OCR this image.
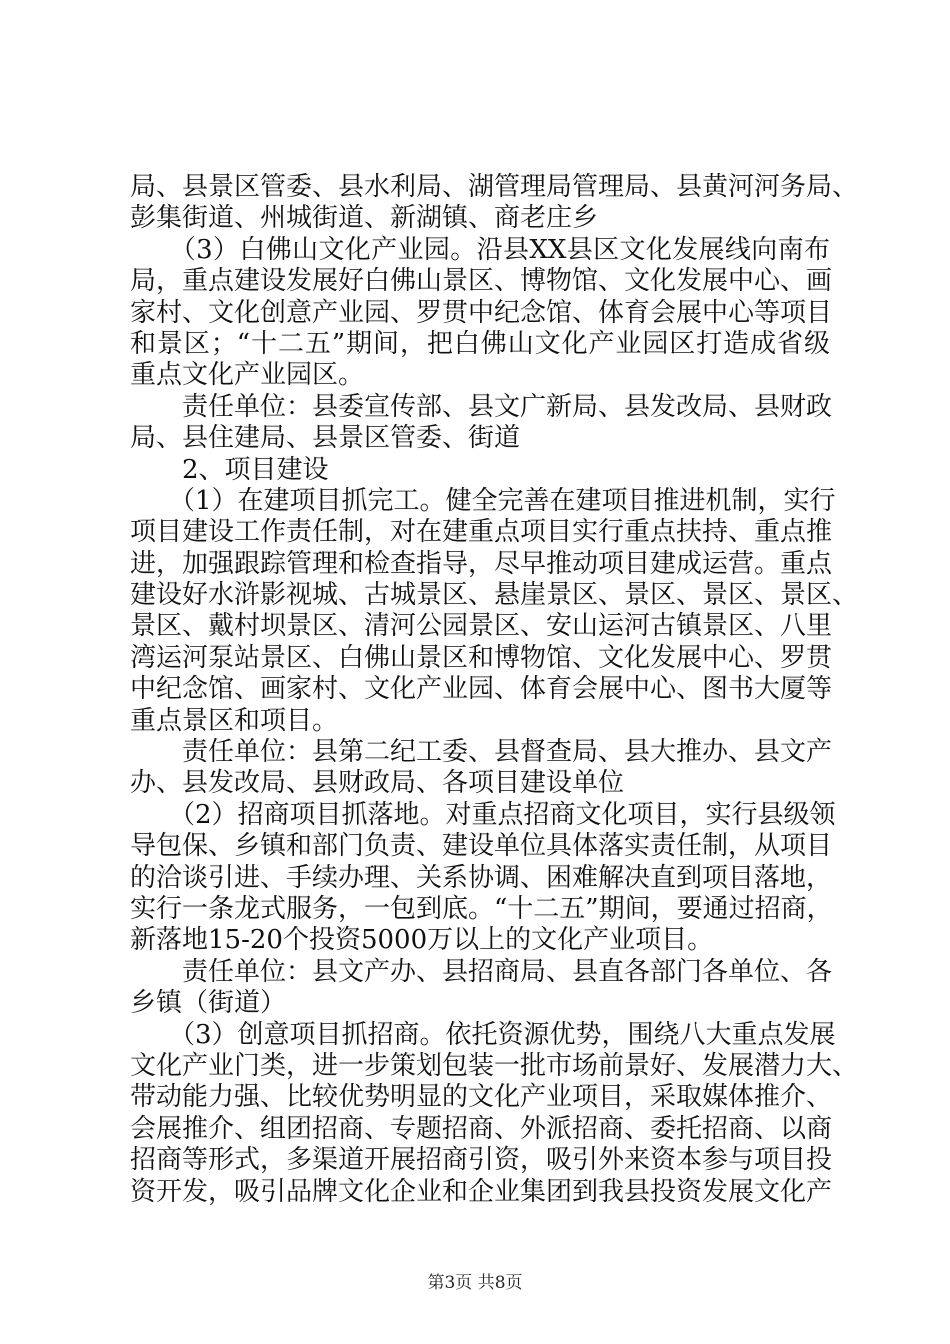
局、县景区管委、县水利局、湖管理局管理局、县黄河河务局、
彭集街道、州城街道、新湖镇、商老庄乡
　　（3）白佛山文化产业园。沿县XX县区文化发展线向南布
局，重点建设发展好白佛山景区、博物馆、文化发展中心、画
家村、文化创意产业园、罗贯中纪念馆、体育会展中心等项目
和景区；“十二五”期间，把白佛山文化产业园区打造成省级
重点文化产业园区。
　　责任单位：县委宣传部、县文广新局、县发改局、县财政
局、县住建局、县景区管委、街道
　　2、项目建设
　　（1）在建项目抓完工。健全完善在建项目推进机制，实行
项目建设工作责任制，对在建重点项目实行重点扶持、重点推
进，加强跟踪管理和检查指导，尽早推动项目建成运营。重点
建设好水浒影视城、古城景区、悬崖景区、景区、景区、景区、
景区、戴村坝景区、清河公园景区、安山运河古镇景区、八里
湾运河泵站景区、白佛山景区和博物馆、文化发展中心、罗贯
中纪念馆、画家村、文化产业园、体育会展中心、图书大厦等
重点景区和项目。
　　责任单位：县第二纪工委、县督查局、县大推办、县文产
办、县发改局、县财政局、各项目建设单位
　　（2）招商项目抓落地。对重点招商文化项目，实行县级领
导包保、乡镇和部门负责、建设单位具体落实责任制，从项目
的洽谈引进、手续办理、关系协调、困难解决直到项目落地，
实行一条龙式服务，一包到底。“十二五”期间，要通过招商，
新落地15-20个投资5000万以上的文化产业项目。
　　责任单位：县文产办、县招商局、县直各部门各单位、各
乡镇（街道）
　　（3）创意项目抓招商。依托资源优势，围绕八大重点发展
文化产业门类，进一步策划包装一批市场前景好、发展潜力大、
带动能力强、比较优势明显的文化产业项目，采取媒体推介、
会展推介、组团招商、专题招商、外派招商、委托招商、以商
招商等形式，多渠道开展招商引资，吸引外来资本参与项目投
资开发，吸引品牌文化企业和企业集团到我县投资发展文化产
第3页 共8页
